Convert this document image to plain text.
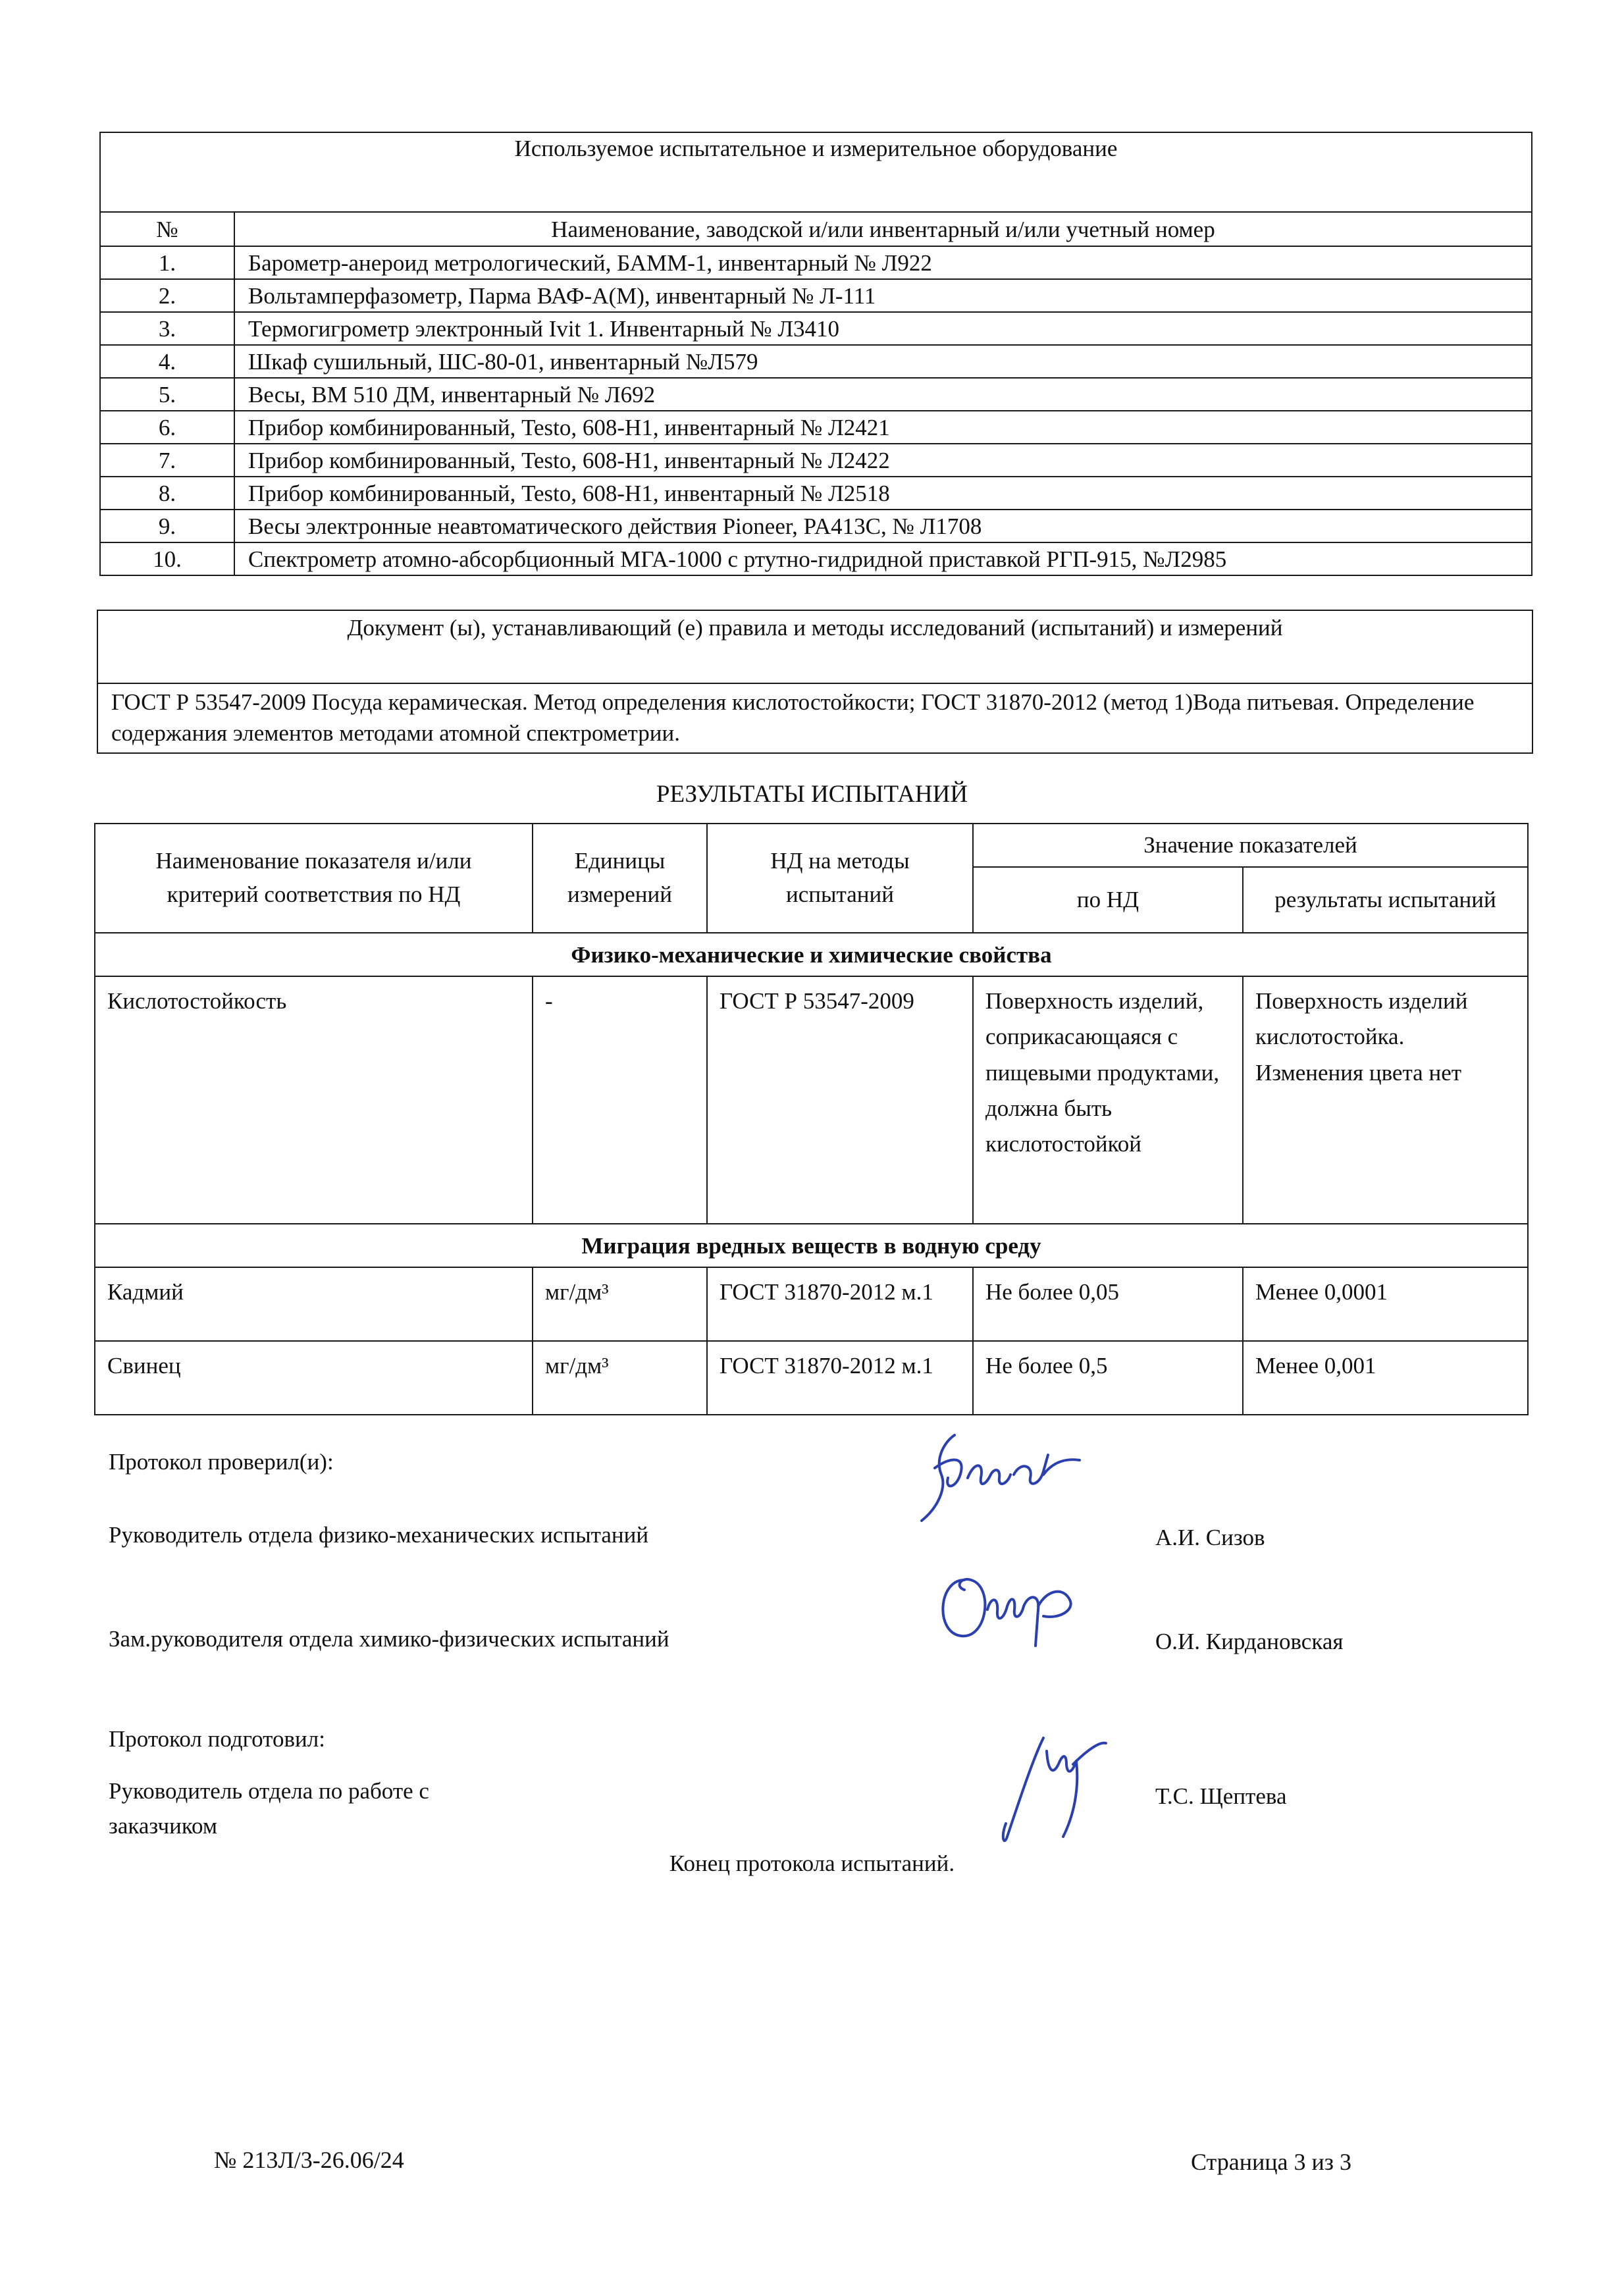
Используемое испытательное и измерительное оборудование	
№	Наименование, заводской и/или инвентарный и/или учетный номер
1.	Барометр-анероид метрологический, БАММ-1, инвентарный № Л922
2.	Вольтамперфазометр, Парма ВАФ-А(М), инвентарный № Л-111
3.	Термогигрометр электронный Ivit 1. Инвентарный № Л3410
4.	Шкаф сушильный, ШС-80-01, инвентарный №Л579
5.	Весы, ВМ 510 ДМ, инвентарный № Л692
6.	Прибор комбинированный, Testo, 608-H1, инвентарный № Л2421
7.	Прибор комбинированный, Testo, 608-H1, инвентарный № Л2422
8.	Прибор комбинированный, Testo, 608-H1, инвентарный № Л2518
9.	Весы электронные неавтоматического действия Pioneer, PA413C, № Л1708
10.	Спектрометр атомно-абсорбционный МГА-1000 с ртутно-гидридной приставкой РГП-915, №Л2985
Документ (ы), устанавливающий (е) правила и методы исследований (испытаний) и измерений
ГОСТ Р 53547-2009 Посуда керамическая. Метод определения кислотостойкости; ГОСТ 31870-2012 (метод 1)Вода питьевая. Определение содержания элементов методами атомной спектрометрии.
РЕЗУЛЬТАТЫ ИСПЫТАНИЙ
Наименование показателя и/или критерий соответствия по НД	Единицы измерений	НД на методы испытаний	Значение показателей	
			по НД	результаты испытаний
Физико-механические и химические свойства				
Кислотостойкость	-	ГОСТ Р 53547-2009	Поверхность изделий, соприкасающаяся с пищевыми продуктами, должна быть кислотостойкой	Поверхность изделий кислотостойка. Изменения цвета нет
Миграция вредных веществ в водную среду				
Кадмий	мг/дм³	ГОСТ 31870-2012 м.1	Не более 0,05	Менее 0,0001
Свинец	мг/дм³	ГОСТ 31870-2012 м.1	Не более 0,5	Менее 0,001
Протокол проверил(и):
Руководитель отдела физико-механических испытаний	А.И. Сизов
Зам.руководителя отдела химико-физических испытаний	О.И. Кирдановская
Протокол подготовил:
Руководитель отдела по работе с заказчиком
Т.С. Щептева
Конец протокола испытаний.
№ 213Л/3-26.06/24	Страница 3 из 3
